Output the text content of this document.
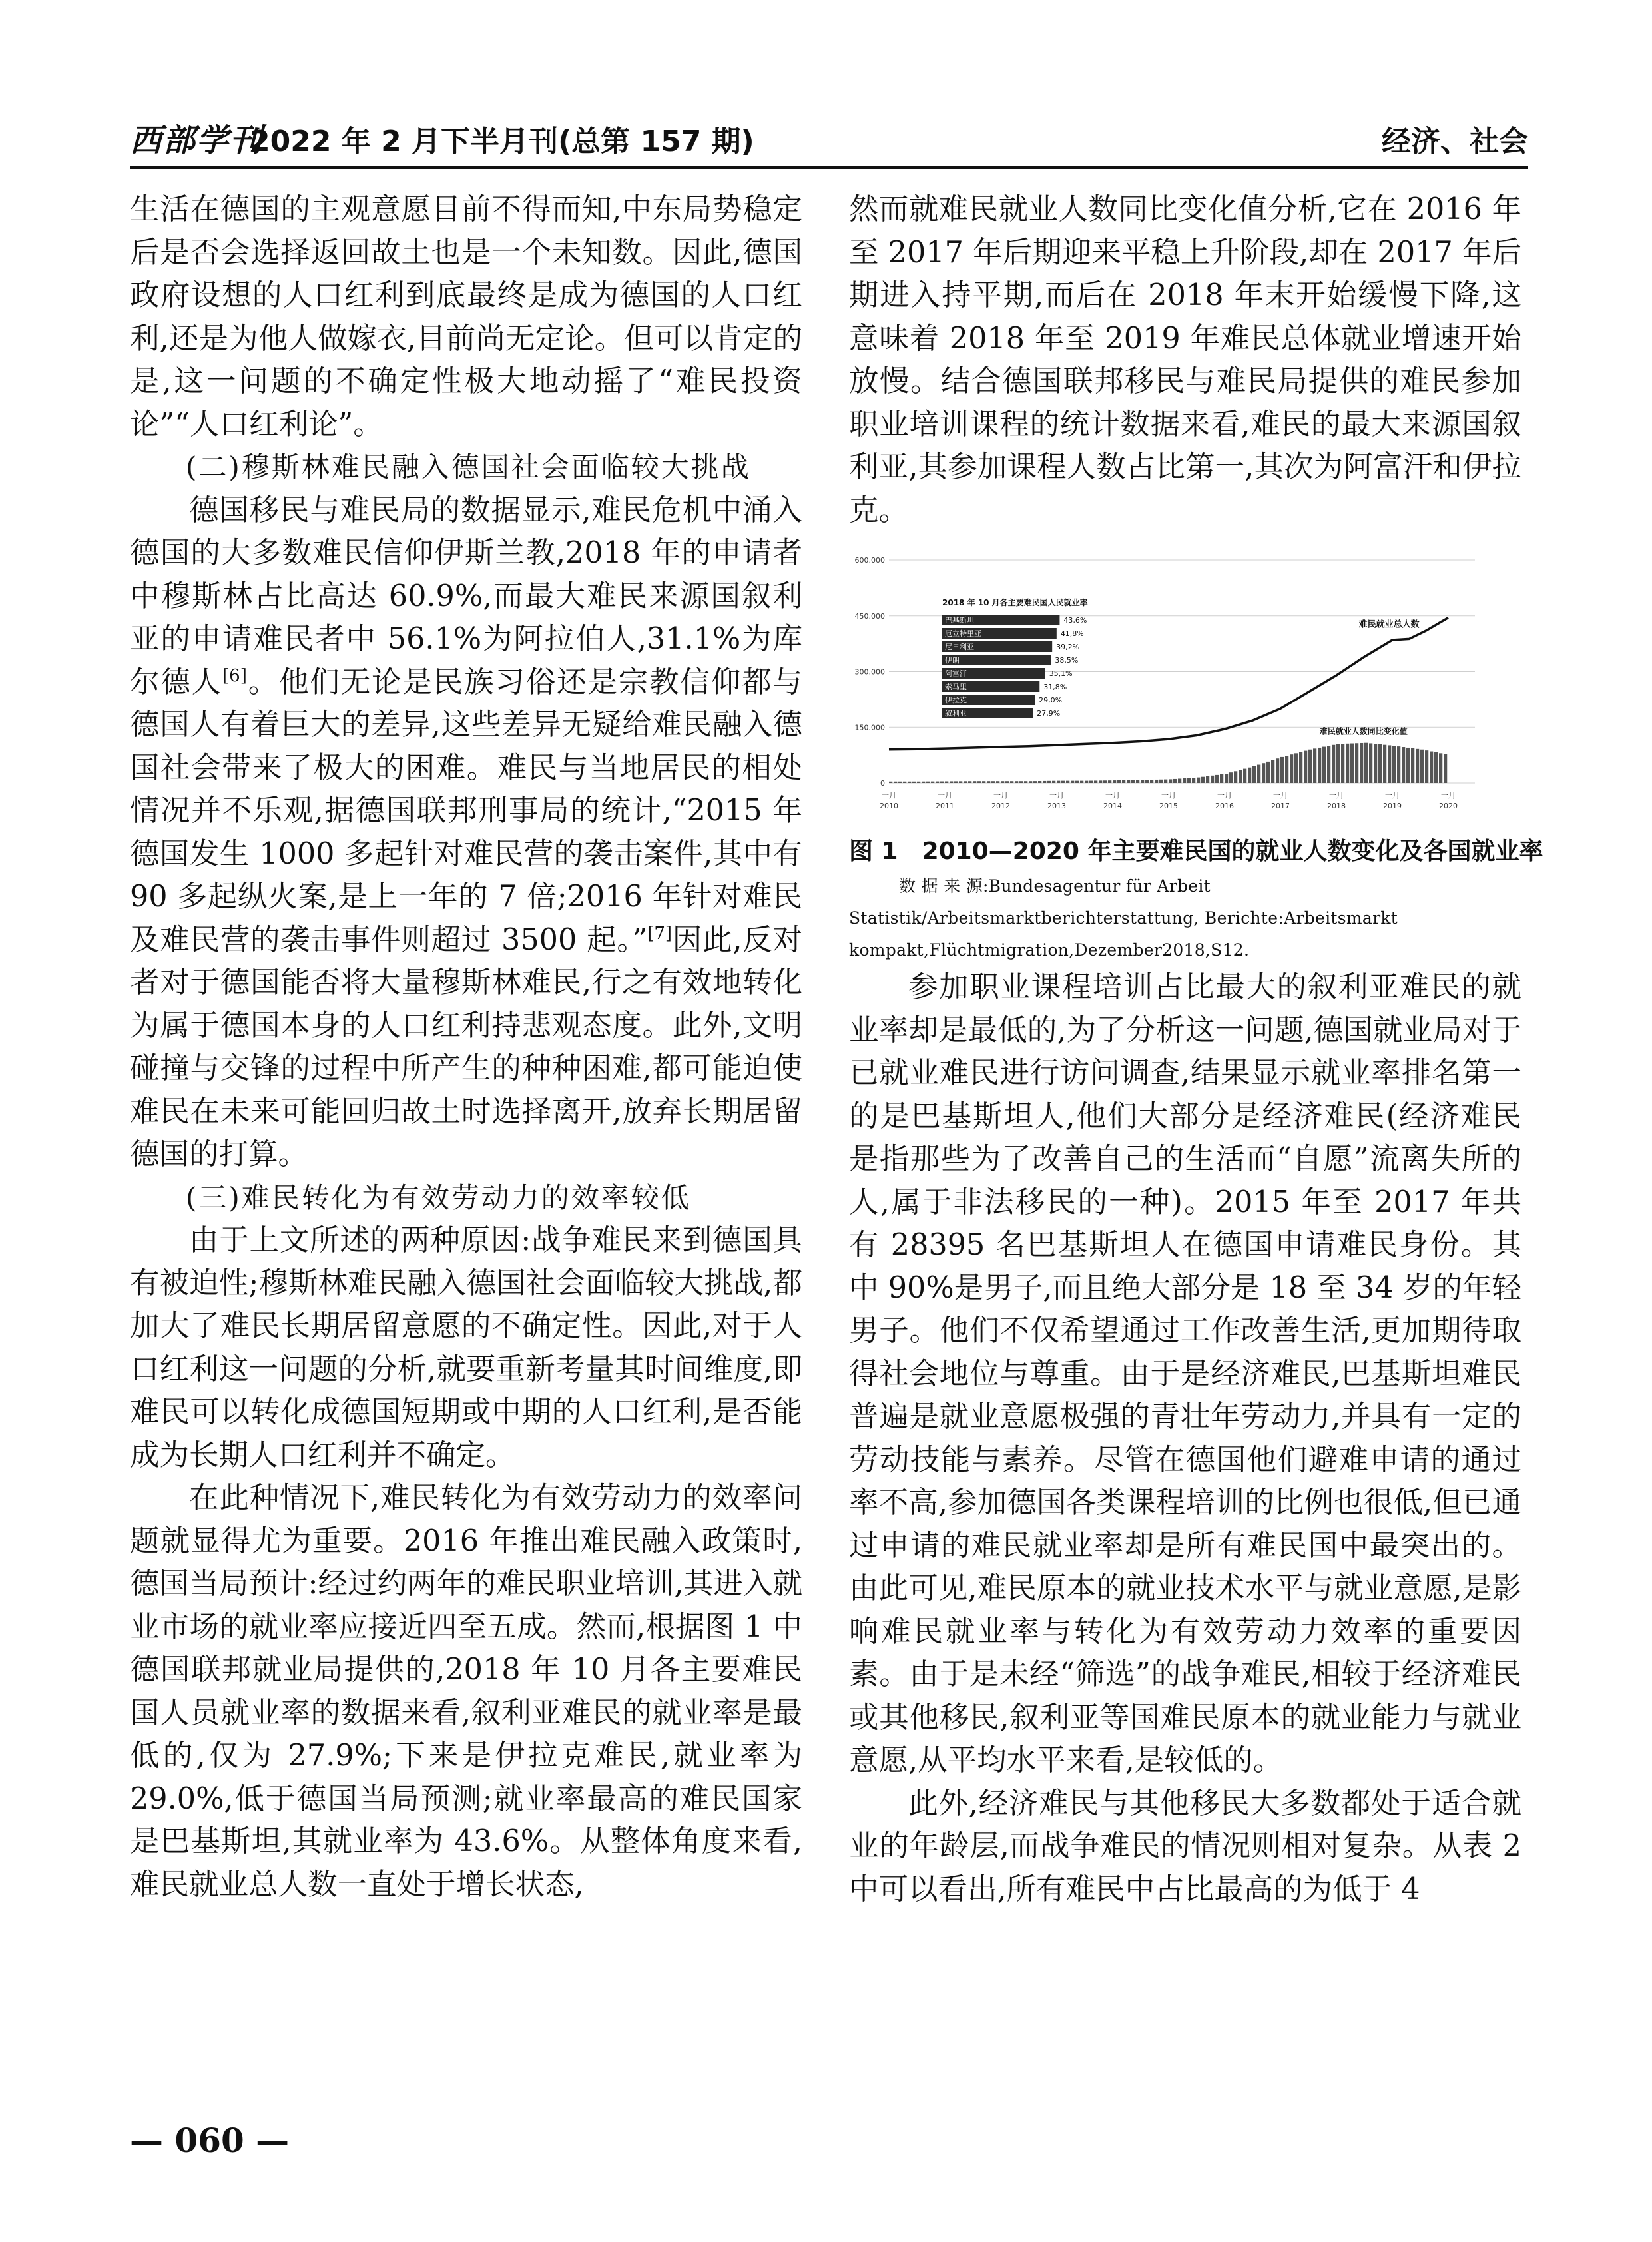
西部学刊
2022 年 2 月下半月刊(总第 157 期)	经济、社会

生活在德国的主观意愿目前不得而知,中东局势稳定后是否会选择返回故土也是一个未知数。因此,德国政府设想的人口红利到底最终是成为德国的人口红利,还是为他人做嫁衣,目前尚无定论。但可以肯定的是,这一问题的不确定性极大地动摇了“难民投资论”“人口红利论”。

(二)穆斯林难民融入德国社会面临较大挑战

德国移民与难民局的数据显示,难民危机中涌入德国的大多数难民信仰伊斯兰教,2018 年的申请者中穆斯林占比高达 60.9%,而最大难民来源国叙利亚的申请难民者中 56.1%为阿拉伯人,31.1%为库尔德人[6]。他们无论是民族习俗还是宗教信仰都与德国人有着巨大的差异,这些差异无疑给难民融入德国社会带来了极大的困难。难民与当地居民的相处情况并不乐观,据德国联邦刑事局的统计,“2015 年德国发生 1000 多起针对难民营的袭击案件,其中有 90 多起纵火案,是上一年的 7 倍;2016 年针对难民及难民营的袭击事件则超过 3500 起。”[7]因此,反对者对于德国能否将大量穆斯林难民,行之有效地转化为属于德国本身的人口红利持悲观态度。此外,文明碰撞与交锋的过程中所产生的种种困难,都可能迫使难民在未来可能回归故土时选择离开,放弃长期居留德国的打算。

(三)难民转化为有效劳动力的效率较低

由于上文所述的两种原因:战争难民来到德国具有被迫性;穆斯林难民融入德国社会面临较大挑战,都加大了难民长期居留意愿的不确定性。因此,对于人口红利这一问题的分析,就要重新考量其时间维度,即难民可以转化成德国短期或中期的人口红利,是否能成为长期人口红利并不确定。

在此种情况下,难民转化为有效劳动力的效率问题就显得尤为重要。2016 年推出难民融入政策时,德国当局预计:经过约两年的难民职业培训,其进入就业市场的就业率应接近四至五成。然而,根据图 1 中德国联邦就业局提供的,2018 年 10 月各主要难民国人员就业率的数据来看,叙利亚难民的就业率是最低的,仅为 27.9%;下来是伊拉克难民,就业率为 29.0%,低于德国当局预测;就业率最高的难民国家是巴基斯坦,其就业率为 43.6%。从整体角度来看,难民就业总人数一直处于增长状态,

然而就难民就业人数同比变化值分析,它在 2016 年至 2017 年后期迎来平稳上升阶段,却在 2017 年后期进入持平期,而后在 2018 年末开始缓慢下降,这意味着 2018 年至 2019 年难民总体就业增速开始放慢。结合德国联邦移民与难民局提供的难民参加职业培训课程的统计数据来看,难民的最大来源国叙利亚,其参加课程人数占比第一,其次为阿富汗和伊拉克。

600.000
450.000
300.000
150.000
0
一月
2010
一月
2011
一月
2012
一月
2013
一月
2014
一月
2015
一月
2016
一月
2017
一月
2018
一月
2019
一月
2020
难民就业总人数
难民就业人数同比变化值
2018 年 10 月各主要难民国人民就业率
巴基斯坦	43,6%
厄立特里亚	41,8%
尼日利亚	39,2%
伊朗	38,5%
阿富汗	35,1%
索马里	31,8%
伊拉克	29,0%
叙利亚	27,9%

图 1　2010—2020 年主要难民国的就业人数变化及各国就业率

数 据 来 源:Bundesagentur für Arbeit Statistik/Arbeitsmarktberichterstattung, Berichte:Arbeitsmarkt kompakt,Flüchtmigration,Dezember2018,S12.

参加职业课程培训占比最大的叙利亚难民的就业率却是最低的,为了分析这一问题,德国就业局对于已就业难民进行访问调查,结果显示就业率排名第一的是巴基斯坦人,他们大部分是经济难民(经济难民是指那些为了改善自己的生活而“自愿”流离失所的人,属于非法移民的一种)。2015 年至 2017 年共有 28395 名巴基斯坦人在德国申请难民身份。其中 90%是男子,而且绝大部分是 18 至 34 岁的年轻男子。他们不仅希望通过工作改善生活,更加期待取得社会地位与尊重。由于是经济难民,巴基斯坦难民普遍是就业意愿极强的青壮年劳动力,并具有一定的劳动技能与素养。尽管在德国他们避难申请的通过率不高,参加德国各类课程培训的比例也很低,但已通过申请的难民就业率却是所有难民国中最突出的。由此可见,难民原本的就业技术水平与就业意愿,是影响难民就业率与转化为有效劳动力效率的重要因素。由于是未经“筛选”的战争难民,相较于经济难民或其他移民,叙利亚等国难民原本的就业能力与就业意愿,从平均水平来看,是较低的。

此外,经济难民与其他移民大多数都处于适合就业的年龄层,而战争难民的情况则相对复杂。从表 2 中可以看出,所有难民中占比最高的为低于 4

— 060 —
